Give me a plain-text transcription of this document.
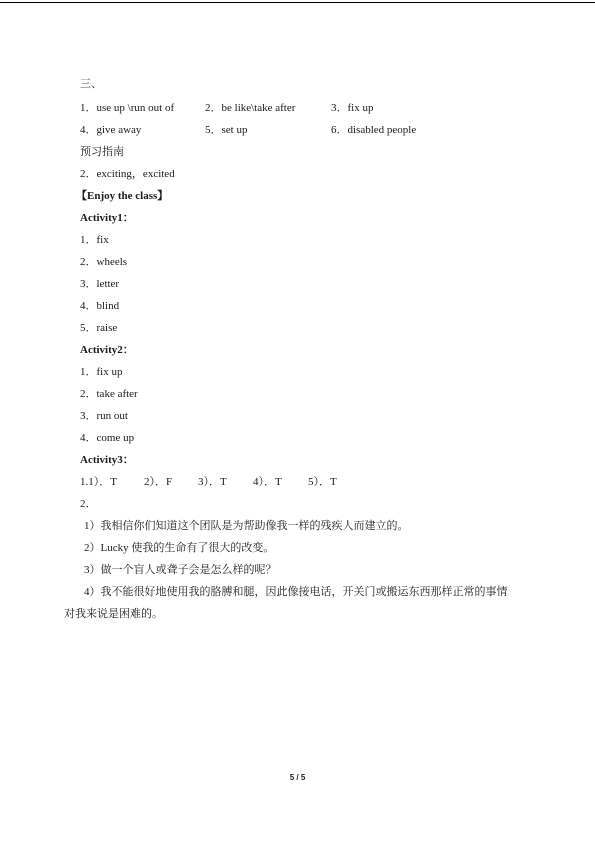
三、
1．use up \run out of	2．be like\take after	3．fix up
4．give away	5．set up	6．disabled people
预习指南
2．exciting，excited
【Enjoy the class】
Activity1：
1．fix
2．wheels
3．letter
4．blind
5．raise
Activity2：
1．fix up
2．take after
3．run out
4．come up
Activity3：
1.1）．T 2）．F 3）．T 4）．T 5）．T
2．
1）我相信你们知道这个团队是为帮助像我一样的残疾人而建立的。
2）Lucky 使我的生命有了很大的改变。
3）做一个盲人或聋子会是怎么样的呢？
4）我不能很好地使用我的胳膊和腿，因此像接电话，开关门或搬运东西那样正常的事情
对我来说是困难的。
5 / 5
